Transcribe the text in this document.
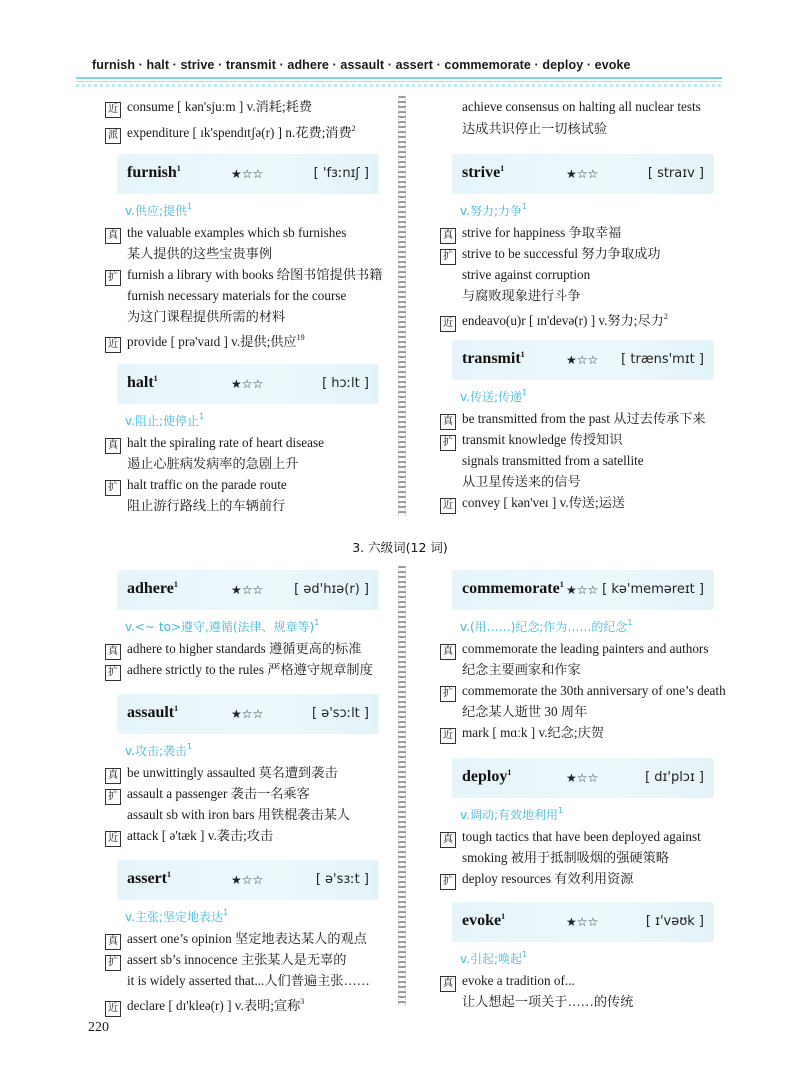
furnish · halt · strive · transmit · adhere · assault · assert · commemorate · deploy · evoke
近 consume [ kən'sjuːm ] v.消耗;耗费
派 expenditure [ ɪk'spendɪtʃə(r) ] n.花费;消费$^2$
furnish$^1$	★☆☆	[ 'fɜːnɪʃ ]
v.供应;提供$^1$
真 the valuable examples which sb furnishes
某人提供的这些宝贵事例
扩 furnish a library with books 给图书馆提供书籍
furnish necessary materials for the course
为这门课程提供所需的材料
近 provide [ prə'vaɪd ] v.提供;供应$^{19}$
halt$^1$	★☆☆	[ hɔːlt ]
v.阻止;使停止$^1$
真 halt the spiraling rate of heart disease
遏止心脏病发病率的急剧上升
扩 halt traffic on the parade route
阻止游行路线上的车辆前行
achieve consensus on halting all nuclear tests
达成共识停止一切核试验
strive$^1$	★☆☆	[ straɪv ]
v.努力;力争$^1$
真 strive for happiness 争取幸福
扩 strive to be successful 努力争取成功
strive against corruption
与腐败现象进行斗争
近 endeavo(u)r [ ɪn'devə(r) ] v.努力;尽力$^2$
transmit$^1$	★☆☆	[ træns'mɪt ]
v.传送;传递$^1$
真 be transmitted from the past 从过去传承下来
扩 transmit knowledge 传授知识
signals transmitted from a satellite
从卫星传送来的信号
近 convey [ kən'veɪ ] v.传送;运送
3. 六级词(12 词)
adhere$^1$	★☆☆	[ əd'hɪə(r) ]
v.<~ to>遵守,遵循(法律、规章等)$^1$
真 adhere to higher standards 遵循更高的标准
扩 adhere strictly to the rules 严格遵守规章制度
assault$^1$	★☆☆	[ ə'sɔːlt ]
v.攻击;袭击$^1$
真 be unwittingly assaulted 莫名遭到袭击
扩 assault a passenger 袭击一名乘客
assault sb with iron bars 用铁棍袭击某人
近 attack [ ə'tæk ] v.袭击;攻击
assert$^1$	★☆☆	[ ə'sɜːt ]
v.主张;坚定地表达$^1$
真 assert one’s opinion 坚定地表达某人的观点
扩 assert sb’s innocence 主张某人是无辜的
it is widely asserted that...人们普遍主张……
近 declare [ dɪ'kleə(r) ] v.表明;宣称$^3$
commemorate$^1$ ★☆☆	[ kə'meməreɪt ]
v.(用……)纪念;作为……的纪念$^1$
真 commemorate the leading painters and authors
纪念主要画家和作家
扩 commemorate the 30th anniversary of one’s death
纪念某人逝世 30 周年
近 mark [ mɑːk ] v.纪念;庆贺
deploy$^1$	★☆☆	[ dɪ'plɔɪ ]
v.调动;有效地利用$^1$
真 tough tactics that have been deployed against
smoking 被用于抵制吸烟的强硬策略
扩 deploy resources 有效利用资源
evoke$^1$	★☆☆	[ ɪ'vəʊk ]
v.引起;唤起$^1$
真 evoke a tradition of...
让人想起一项关于……的传统
220
